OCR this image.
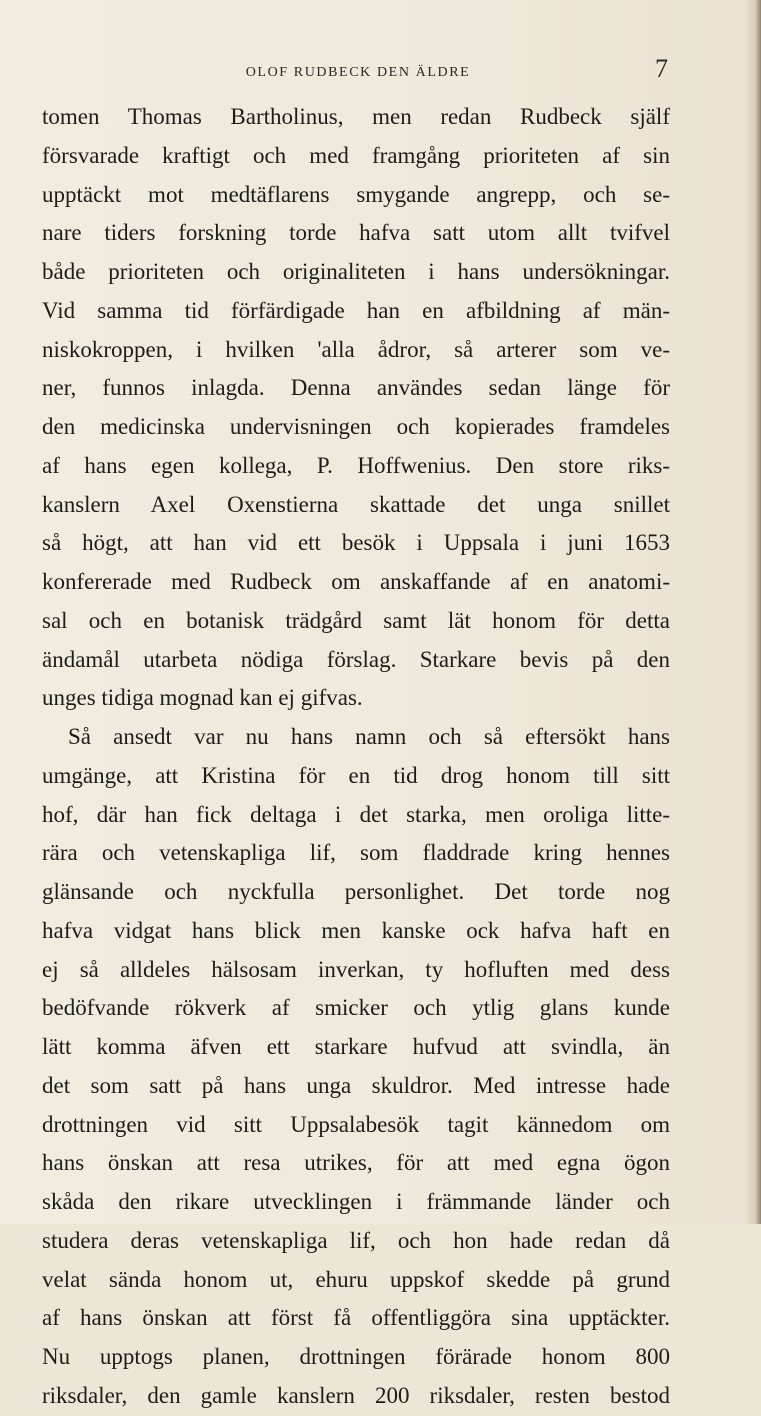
OLOF RUDBECK DEN ÄLDRE	7
tomen Thomas Bartholinus, men redan Rudbeck själf
försvarade kraftigt och med framgång prioriteten af sin
upptäckt mot medtäflarens smygande angrepp, och se-
nare tiders forskning torde hafva satt utom allt tvifvel
både prioriteten och originaliteten i hans undersökningar.
Vid samma tid förfärdigade han en afbildning af män-
niskokroppen, i hvilken 'alla ådror, så arterer som ve-
ner, funnos inlagda. Denna användes sedan länge för
den medicinska undervisningen och kopierades framdeles
af hans egen kollega, P. Hoffwenius. Den store riks-
kanslern Axel Oxenstierna skattade det unga snillet
så högt, att han vid ett besök i Uppsala i juni 1653
konfererade med Rudbeck om anskaffande af en anatomi-
sal och en botanisk trädgård samt lät honom för detta
ändamål utarbeta nödiga förslag. Starkare bevis på den
unges tidiga mognad kan ej gifvas.
Så ansedt var nu hans namn och så eftersökt hans
umgänge, att Kristina för en tid drog honom till sitt
hof, där han fick deltaga i det starka, men oroliga litte-
rära och vetenskapliga lif, som fladdrade kring hennes
glänsande och nyckfulla personlighet. Det torde nog
hafva vidgat hans blick men kanske ock hafva haft en
ej så alldeles hälsosam inverkan, ty hofluften med dess
bedöfvande rökverk af smicker och ytlig glans kunde
lätt komma äfven ett starkare hufvud att svindla, än
det som satt på hans unga skuldror. Med intresse hade
drottningen vid sitt Uppsalabesök tagit kännedom om
hans önskan att resa utrikes, för att med egna ögon
skåda den rikare utvecklingen i främmande länder och
studera deras vetenskapliga lif, och hon hade redan då
velat sända honom ut, ehuru uppskof skedde på grund
af hans önskan att först få offentliggöra sina upptäckter.
Nu upptogs planen, drottningen förärade honom 800
riksdaler, den gamle kanslern 200 riksdaler, resten bestod
